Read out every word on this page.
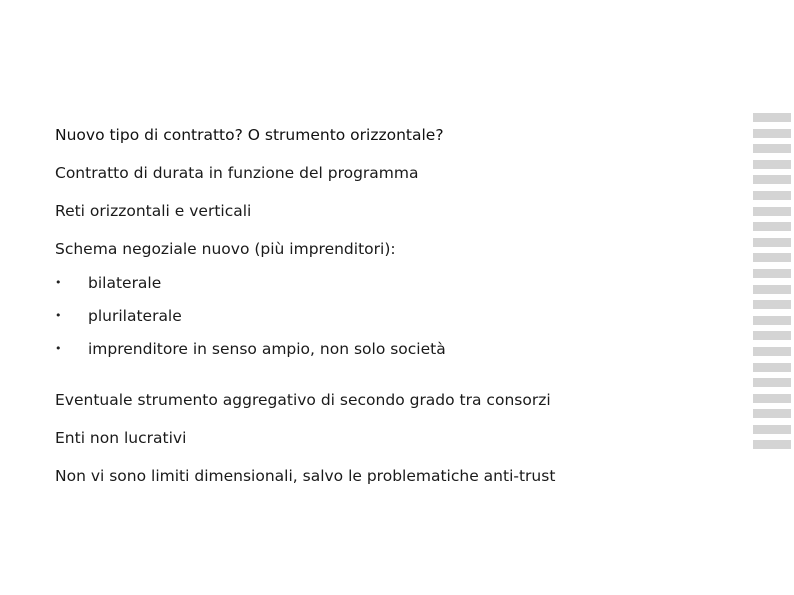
Nuovo tipo di contratto? O strumento orizzontale?

Contratto di durata in funzione del programma

Reti orizzontali e verticali

Schema negoziale nuovo (più imprenditori):

•	bilaterale
•	plurilaterale
•	imprenditore in senso ampio, non solo società

Eventuale strumento aggregativo di secondo grado tra consorzi

Enti non lucrativi

Non vi sono limiti dimensionali, salvo le problematiche anti-trust
